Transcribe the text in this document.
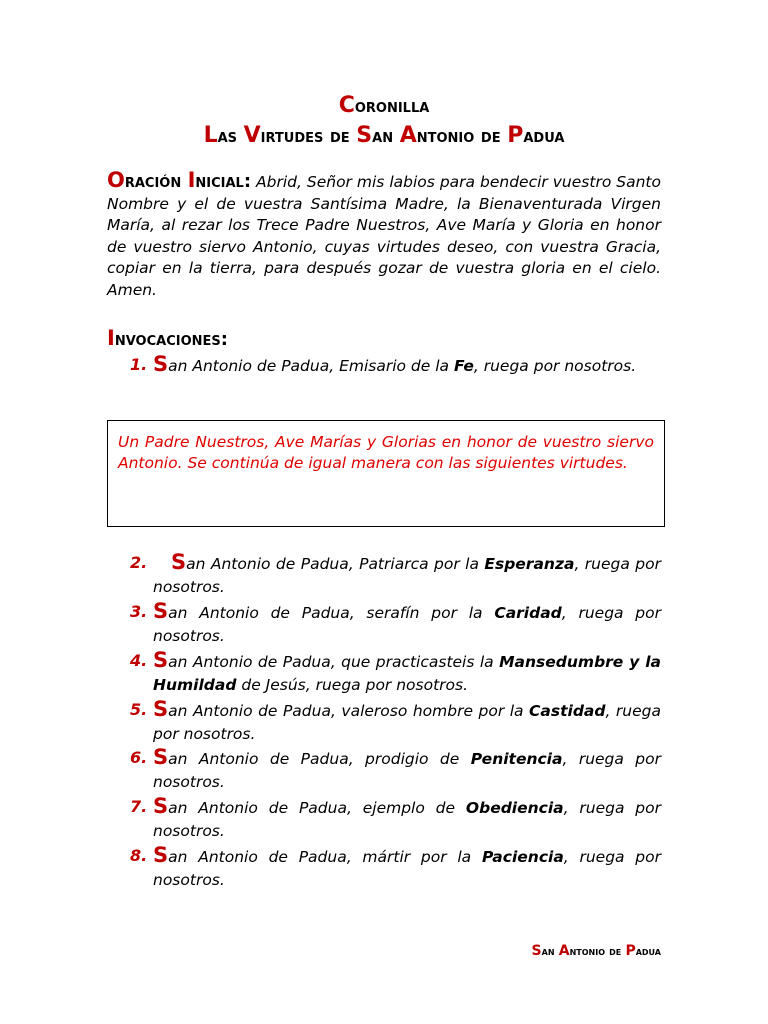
Coronilla
Las Virtudes de San Antonio de Padua
Oración Inicial: Abrid, Señor mis labios para bendecir vuestro Santo Nombre y el de vuestra Santísima Madre, la Bienaventurada Virgen María, al rezar los Trece Padre Nuestros, Ave María y Gloria en honor de vuestro siervo Antonio, cuyas virtudes deseo, con vuestra Gracia, copiar en la tierra, para después gozar de vuestra gloria en el cielo. Amen.
Invocaciones:
1. San Antonio de Padua, Emisario de la Fe, ruega por nosotros.
Un Padre Nuestros, Ave Marías y Glorias en honor de vuestro siervo Antonio. Se continúa de igual manera con las siguientes virtudes.
2.	San Antonio de Padua, Patriarca por la Esperanza, ruega por nosotros.
3. San Antonio de Padua, serafín por la Caridad, ruega por nosotros.
4. San Antonio de Padua, que practicasteis la Mansedumbre y la Humildad de Jesús, ruega por nosotros.
5. San Antonio de Padua, valeroso hombre por la Castidad, ruega por nosotros.
6. San Antonio de Padua, prodigio de Penitencia, ruega por nosotros.
7. San Antonio de Padua, ejemplo de Obediencia, ruega por nosotros.
8. San Antonio de Padua, mártir por la Paciencia, ruega por nosotros.
San Antonio de Padua
